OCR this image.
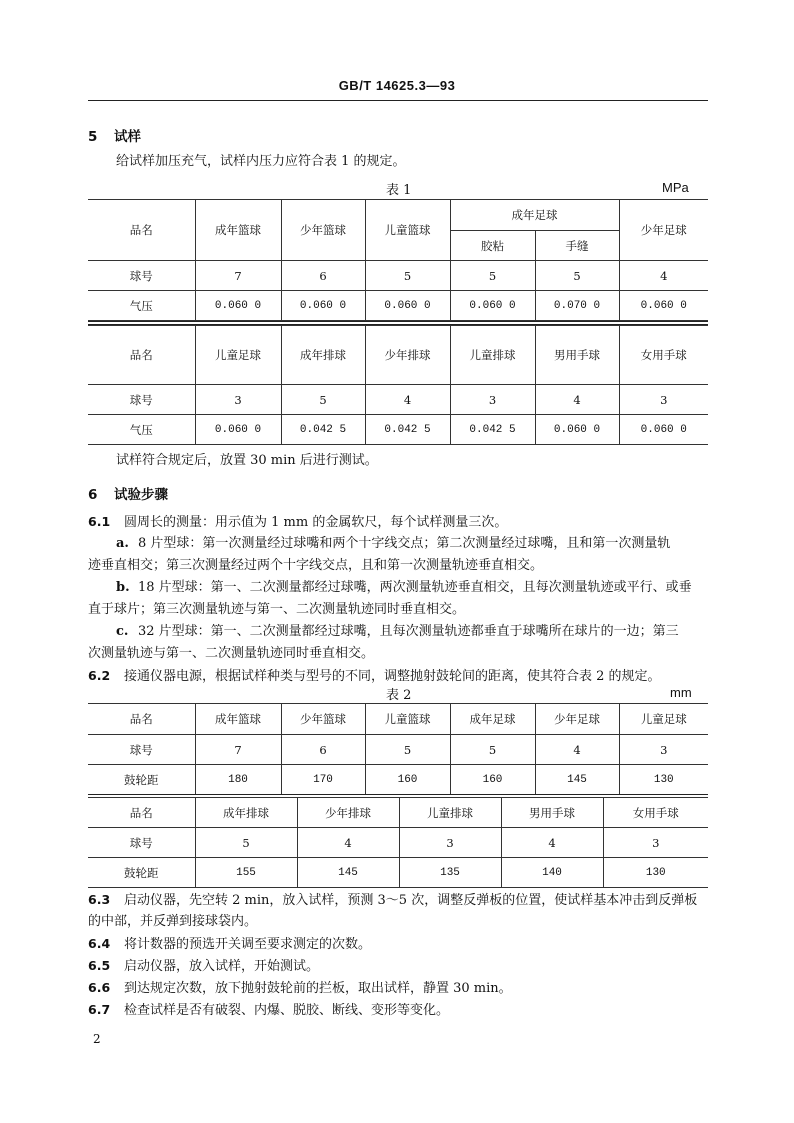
GB/T 14625.3—93
5 试样
给试样加压充气，试样内压力应符合表 1 的规定。
表 1	MPa
品名	成年篮球	少年篮球	儿童篮球	成年足球		少年足球
				胶粘	手缝	
球号	7	6	5	5	5	4
气压	0.060 0	0.060 0	0.060 0	0.060 0	0.070 0	0.060 0
品名	儿童足球	成年排球	少年排球	儿童排球	男用手球	女用手球
球号	3	5	4	3	4	3
气压	0.060 0	0.042 5	0.042 5	0.042 5	0.060 0	0.060 0
试样符合规定后，放置 30 min 后进行测试。
6 试验步骤
6.1 圆周长的测量：用示值为 1 mm 的金属软尺，每个试样测量三次。
a. 8 片型球：第一次测量经过球嘴和两个十字线交点；第二次测量经过球嘴，且和第一次测量轨
迹垂直相交；第三次测量经过两个十字线交点，且和第一次测量轨迹垂直相交。
b. 18 片型球：第一、二次测量都经过球嘴，两次测量轨迹垂直相交，且每次测量轨迹或平行、或垂
直于球片；第三次测量轨迹与第一、二次测量轨迹同时垂直相交。
c. 32 片型球：第一、二次测量都经过球嘴，且每次测量轨迹都垂直于球嘴所在球片的一边；第三
次测量轨迹与第一、二次测量轨迹同时垂直相交。
6.2 接通仪器电源，根据试样种类与型号的不同，调整抛射鼓轮间的距离，使其符合表 2 的规定。
表 2	mm
品名	成年篮球	少年篮球	儿童篮球	成年足球	少年足球	儿童足球
球号	7	6	5	5	4	3
鼓轮距	180	170	160	160	145	130
品名	成年排球	少年排球	儿童排球	男用手球	女用手球
球号	5	4	3	4	3
鼓轮距	155	145	135	140	130
6.3 启动仪器，先空转 2 min，放入试样，预测 3～5 次，调整反弹板的位置，使试样基本冲击到反弹板
的中部，并反弹到接球袋内。
6.4 将计数器的预选开关调至要求测定的次数。
6.5 启动仪器，放入试样，开始测试。
6.6 到达规定次数，放下抛射鼓轮前的拦板，取出试样，静置 30 min。
6.7 检查试样是否有破裂、内爆、脱胶、断线、变形等变化。
2
